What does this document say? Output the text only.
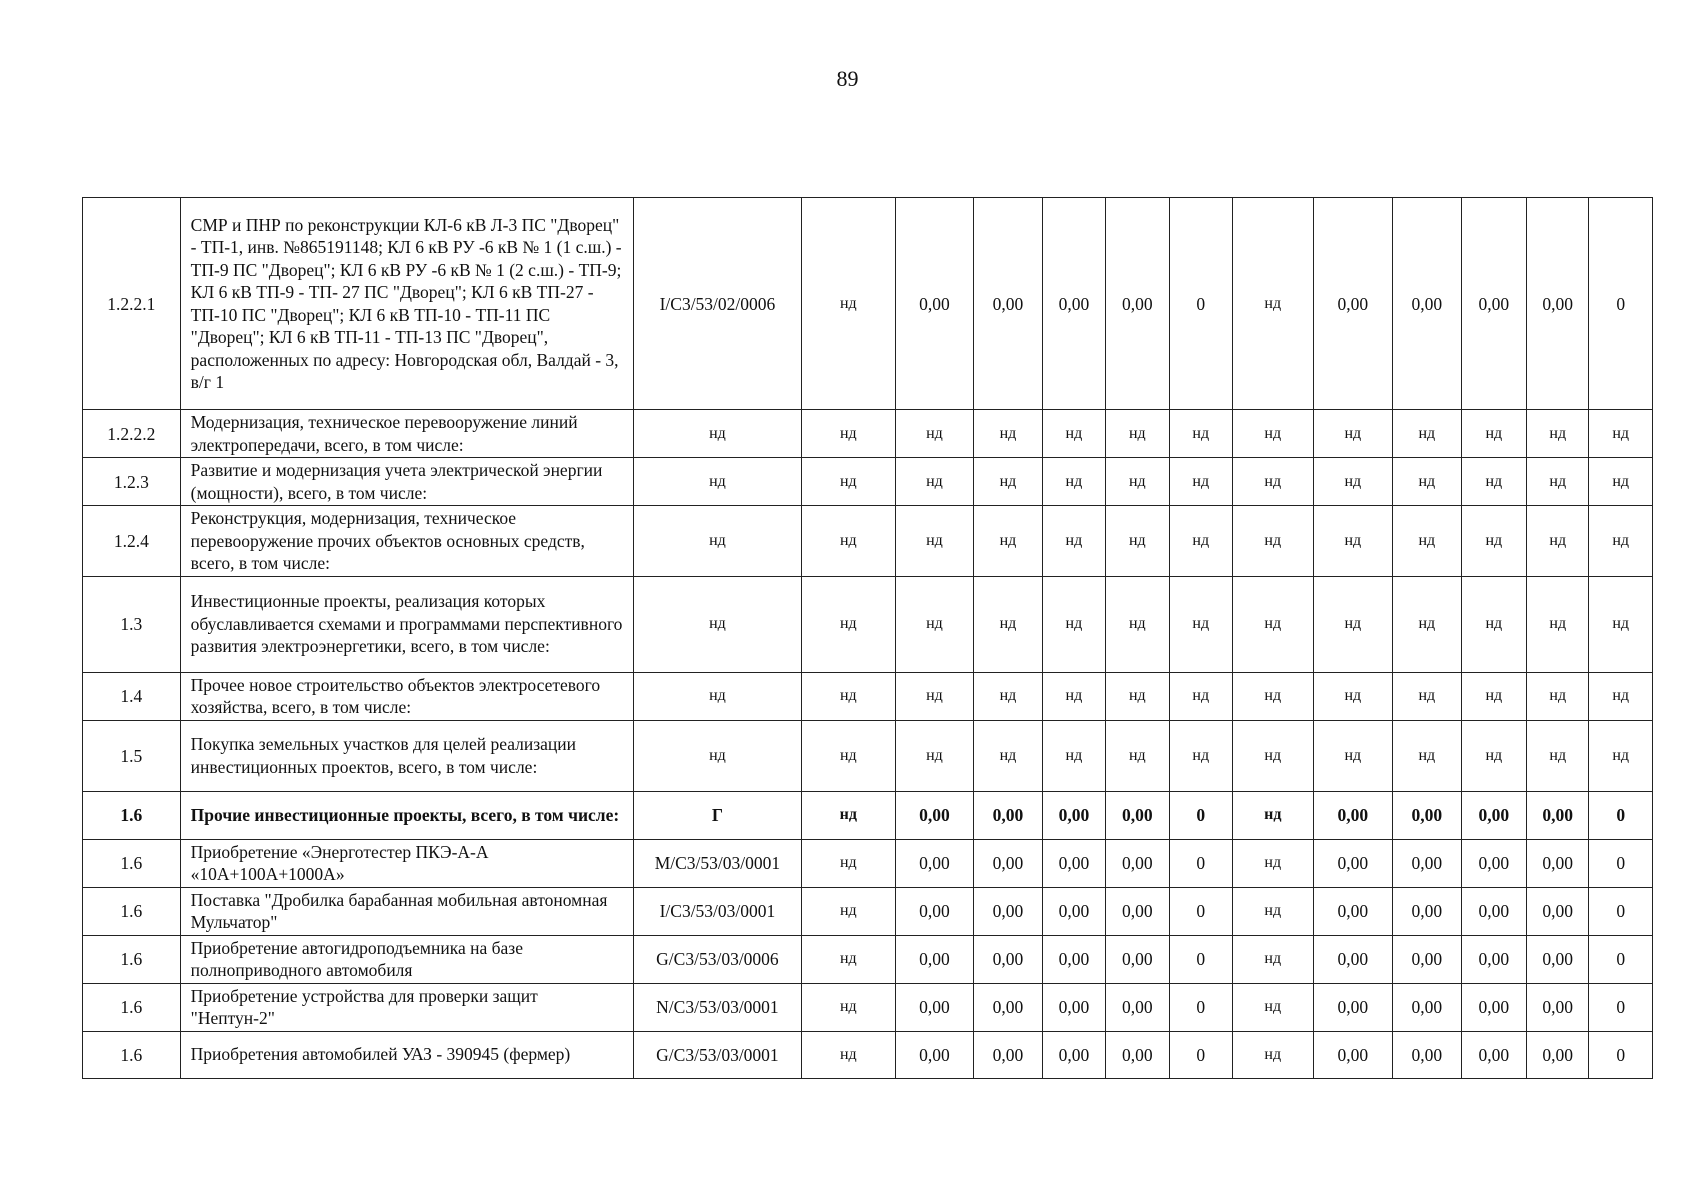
89
1.2.2.1	СМР и ПНР по реконструкции КЛ-6 кВ Л-3 ПС "Дворец" - ТП-1, инв. №865191148; КЛ 6 кВ РУ -6 кВ № 1 (1 с.ш.) - ТП-9 ПС "Дворец"; КЛ 6 кВ РУ -6 кВ № 1 (2 с.ш.) - ТП-9; КЛ 6 кВ ТП-9 - ТП- 27 ПС "Дворец"; КЛ 6 кВ ТП-27 - ТП-10 ПС "Дворец"; КЛ 6 кВ ТП-10 - ТП-11 ПС "Дворец"; КЛ 6 кВ ТП-11 - ТП-13 ПС "Дворец", расположенных по адресу: Новгородская обл, Валдай - 3, в/г 1	I/С3/53/02/0006	нд	0,00	0,00	0,00	0,00	0	нд	0,00	0,00	0,00	0,00	0
1.2.2.2	Модернизация, техническое перевооружение линий электропередачи, всего, в том числе:	нд	нд	нд	нд	нд	нд	нд	нд	нд	нд	нд	нд	нд
1.2.3	Развитие и модернизация учета электрической энергии (мощности), всего, в том числе:	нд	нд	нд	нд	нд	нд	нд	нд	нд	нд	нд	нд	нд
1.2.4	Реконструкция, модернизация, техническое перевооружение прочих объектов основных средств, всего, в том числе:	нд	нд	нд	нд	нд	нд	нд	нд	нд	нд	нд	нд	нд
1.3	Инвестиционные проекты, реализация которых обуславливается схемами и программами перспективного развития электроэнергетики, всего, в том числе:	нд	нд	нд	нд	нд	нд	нд	нд	нд	нд	нд	нд	нд
1.4	Прочее новое строительство объектов электросетевого хозяйства, всего, в том числе:	нд	нд	нд	нд	нд	нд	нд	нд	нд	нд	нд	нд	нд
1.5	Покупка земельных участков для целей реализации инвестиционных проектов, всего, в том числе:	нд	нд	нд	нд	нд	нд	нд	нд	нд	нд	нд	нд	нд
1.6	Прочие инвестиционные проекты, всего, в том числе:	Г	нд	0,00	0,00	0,00	0,00	0	нд	0,00	0,00	0,00	0,00	0
1.6	Приобретение «Энерготестер ПКЭ-А-А «10А+100А+1000А»	M/С3/53/03/0001	нд	0,00	0,00	0,00	0,00	0	нд	0,00	0,00	0,00	0,00	0
1.6	Поставка "Дробилка барабанная мобильная автономная Мульчатор"	I/С3/53/03/0001	нд	0,00	0,00	0,00	0,00	0	нд	0,00	0,00	0,00	0,00	0
1.6	Приобретение автогидроподъемника на базе полноприводного автомобиля	G/С3/53/03/0006	нд	0,00	0,00	0,00	0,00	0	нд	0,00	0,00	0,00	0,00	0
1.6	Приобретение устройства для проверки защит "Нептун-2"	N/С3/53/03/0001	нд	0,00	0,00	0,00	0,00	0	нд	0,00	0,00	0,00	0,00	0
1.6	Приобретения автомобилей УАЗ - 390945 (фермер)	G/С3/53/03/0001	нд	0,00	0,00	0,00	0,00	0	нд	0,00	0,00	0,00	0,00	0
